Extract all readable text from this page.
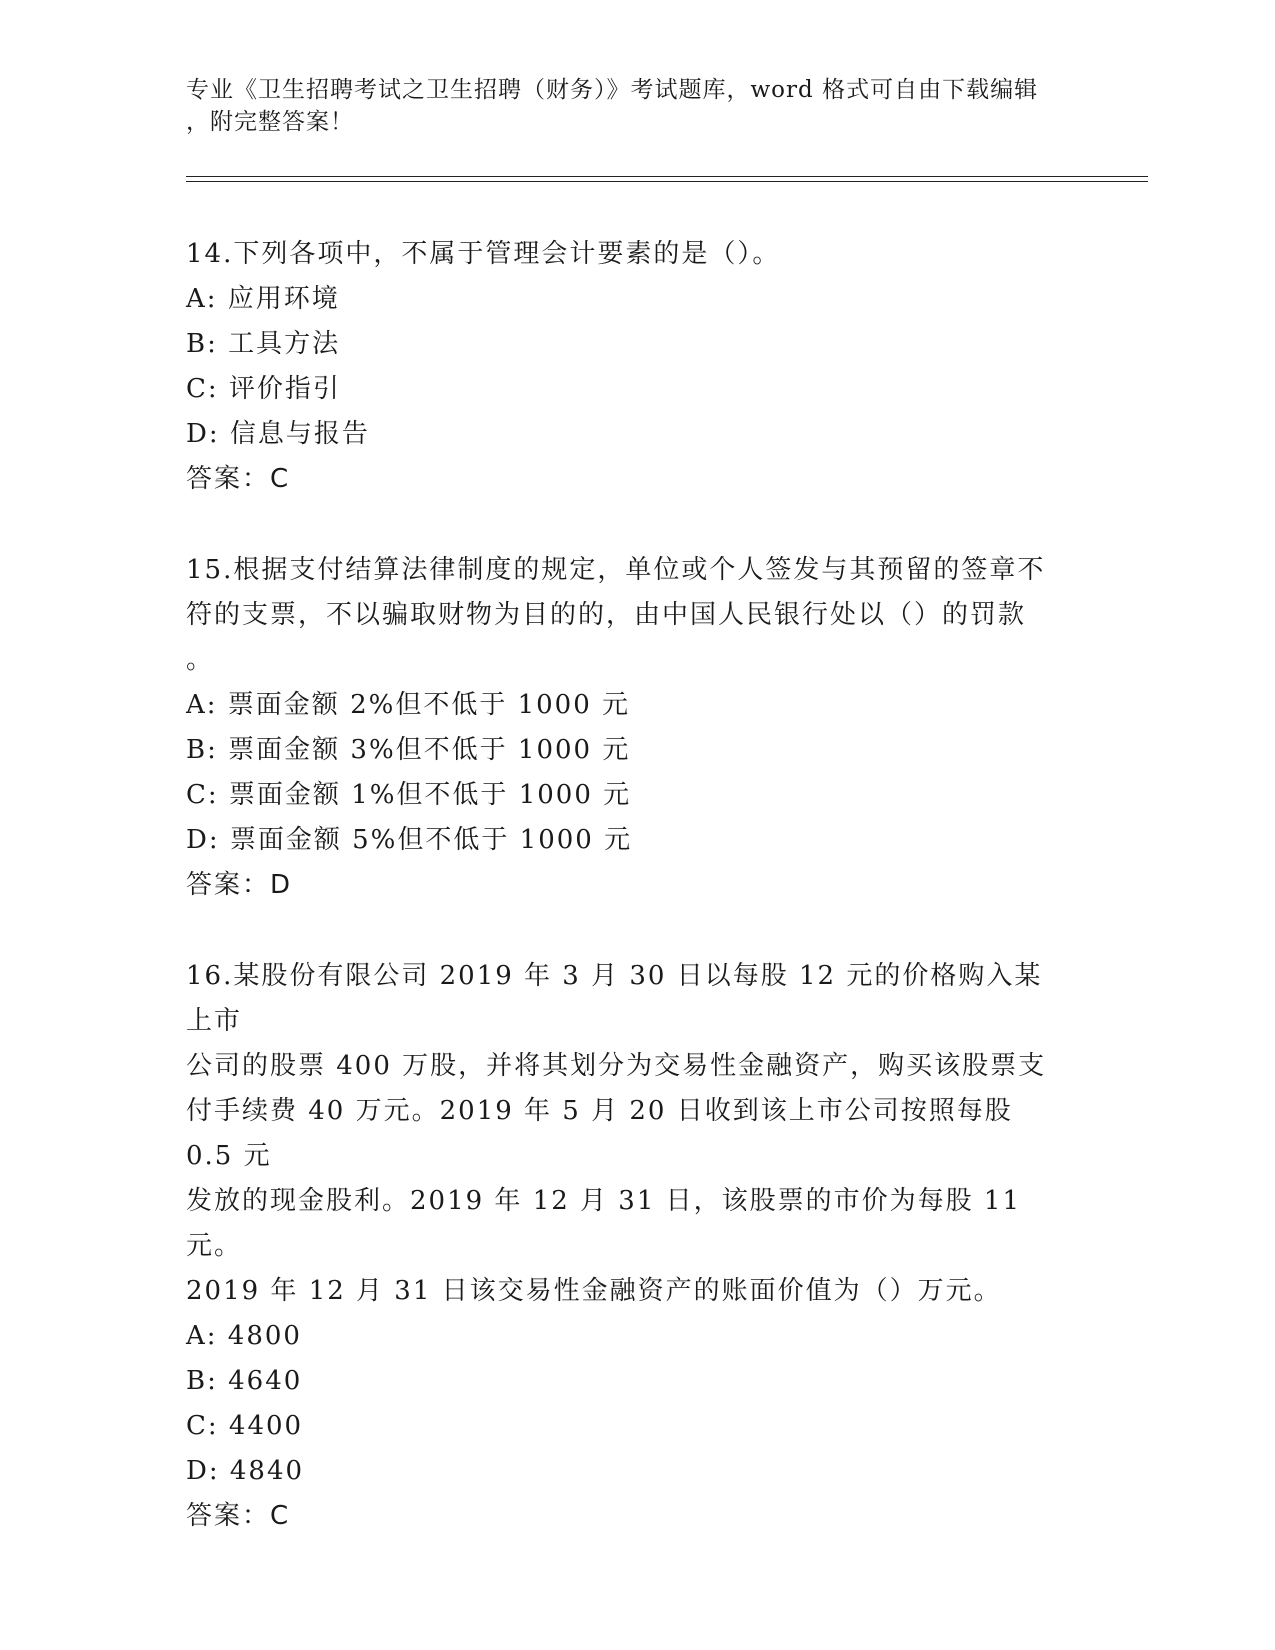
专业《卫生招聘考试之卫生招聘（财务）》考试题库，word 格式可自由下载编辑
，附完整答案！

14.下列各项中，不属于管理会计要素的是（）。

A: 应用环境

B: 工具方法

C: 评价指引

D: 信息与报告

答案：C

15.根据支付结算法律制度的规定，单位或个人签发与其预留的签章不
符的支票，不以骗取财物为目的的，由中国人民银行处以（）的罚款
。

A: 票面金额 2%但不低于 1000 元

B: 票面金额 3%但不低于 1000 元

C: 票面金额 1%但不低于 1000 元

D: 票面金额 5%但不低于 1000 元

答案：D

16.某股份有限公司 2019 年 3 月 30 日以每股 12 元的价格购入某上市
公司的股票 400 万股，并将其划分为交易性金融资产，购买该股票支
付手续费 40 万元。2019 年 5 月 20 日收到该上市公司按照每股 0.5 元
发放的现金股利。2019 年 12 月 31 日，该股票的市价为每股 11 元。
2019 年 12 月 31 日该交易性金融资产的账面价值为（）万元。

A: 4800

B: 4640

C: 4400

D: 4840

答案：C
